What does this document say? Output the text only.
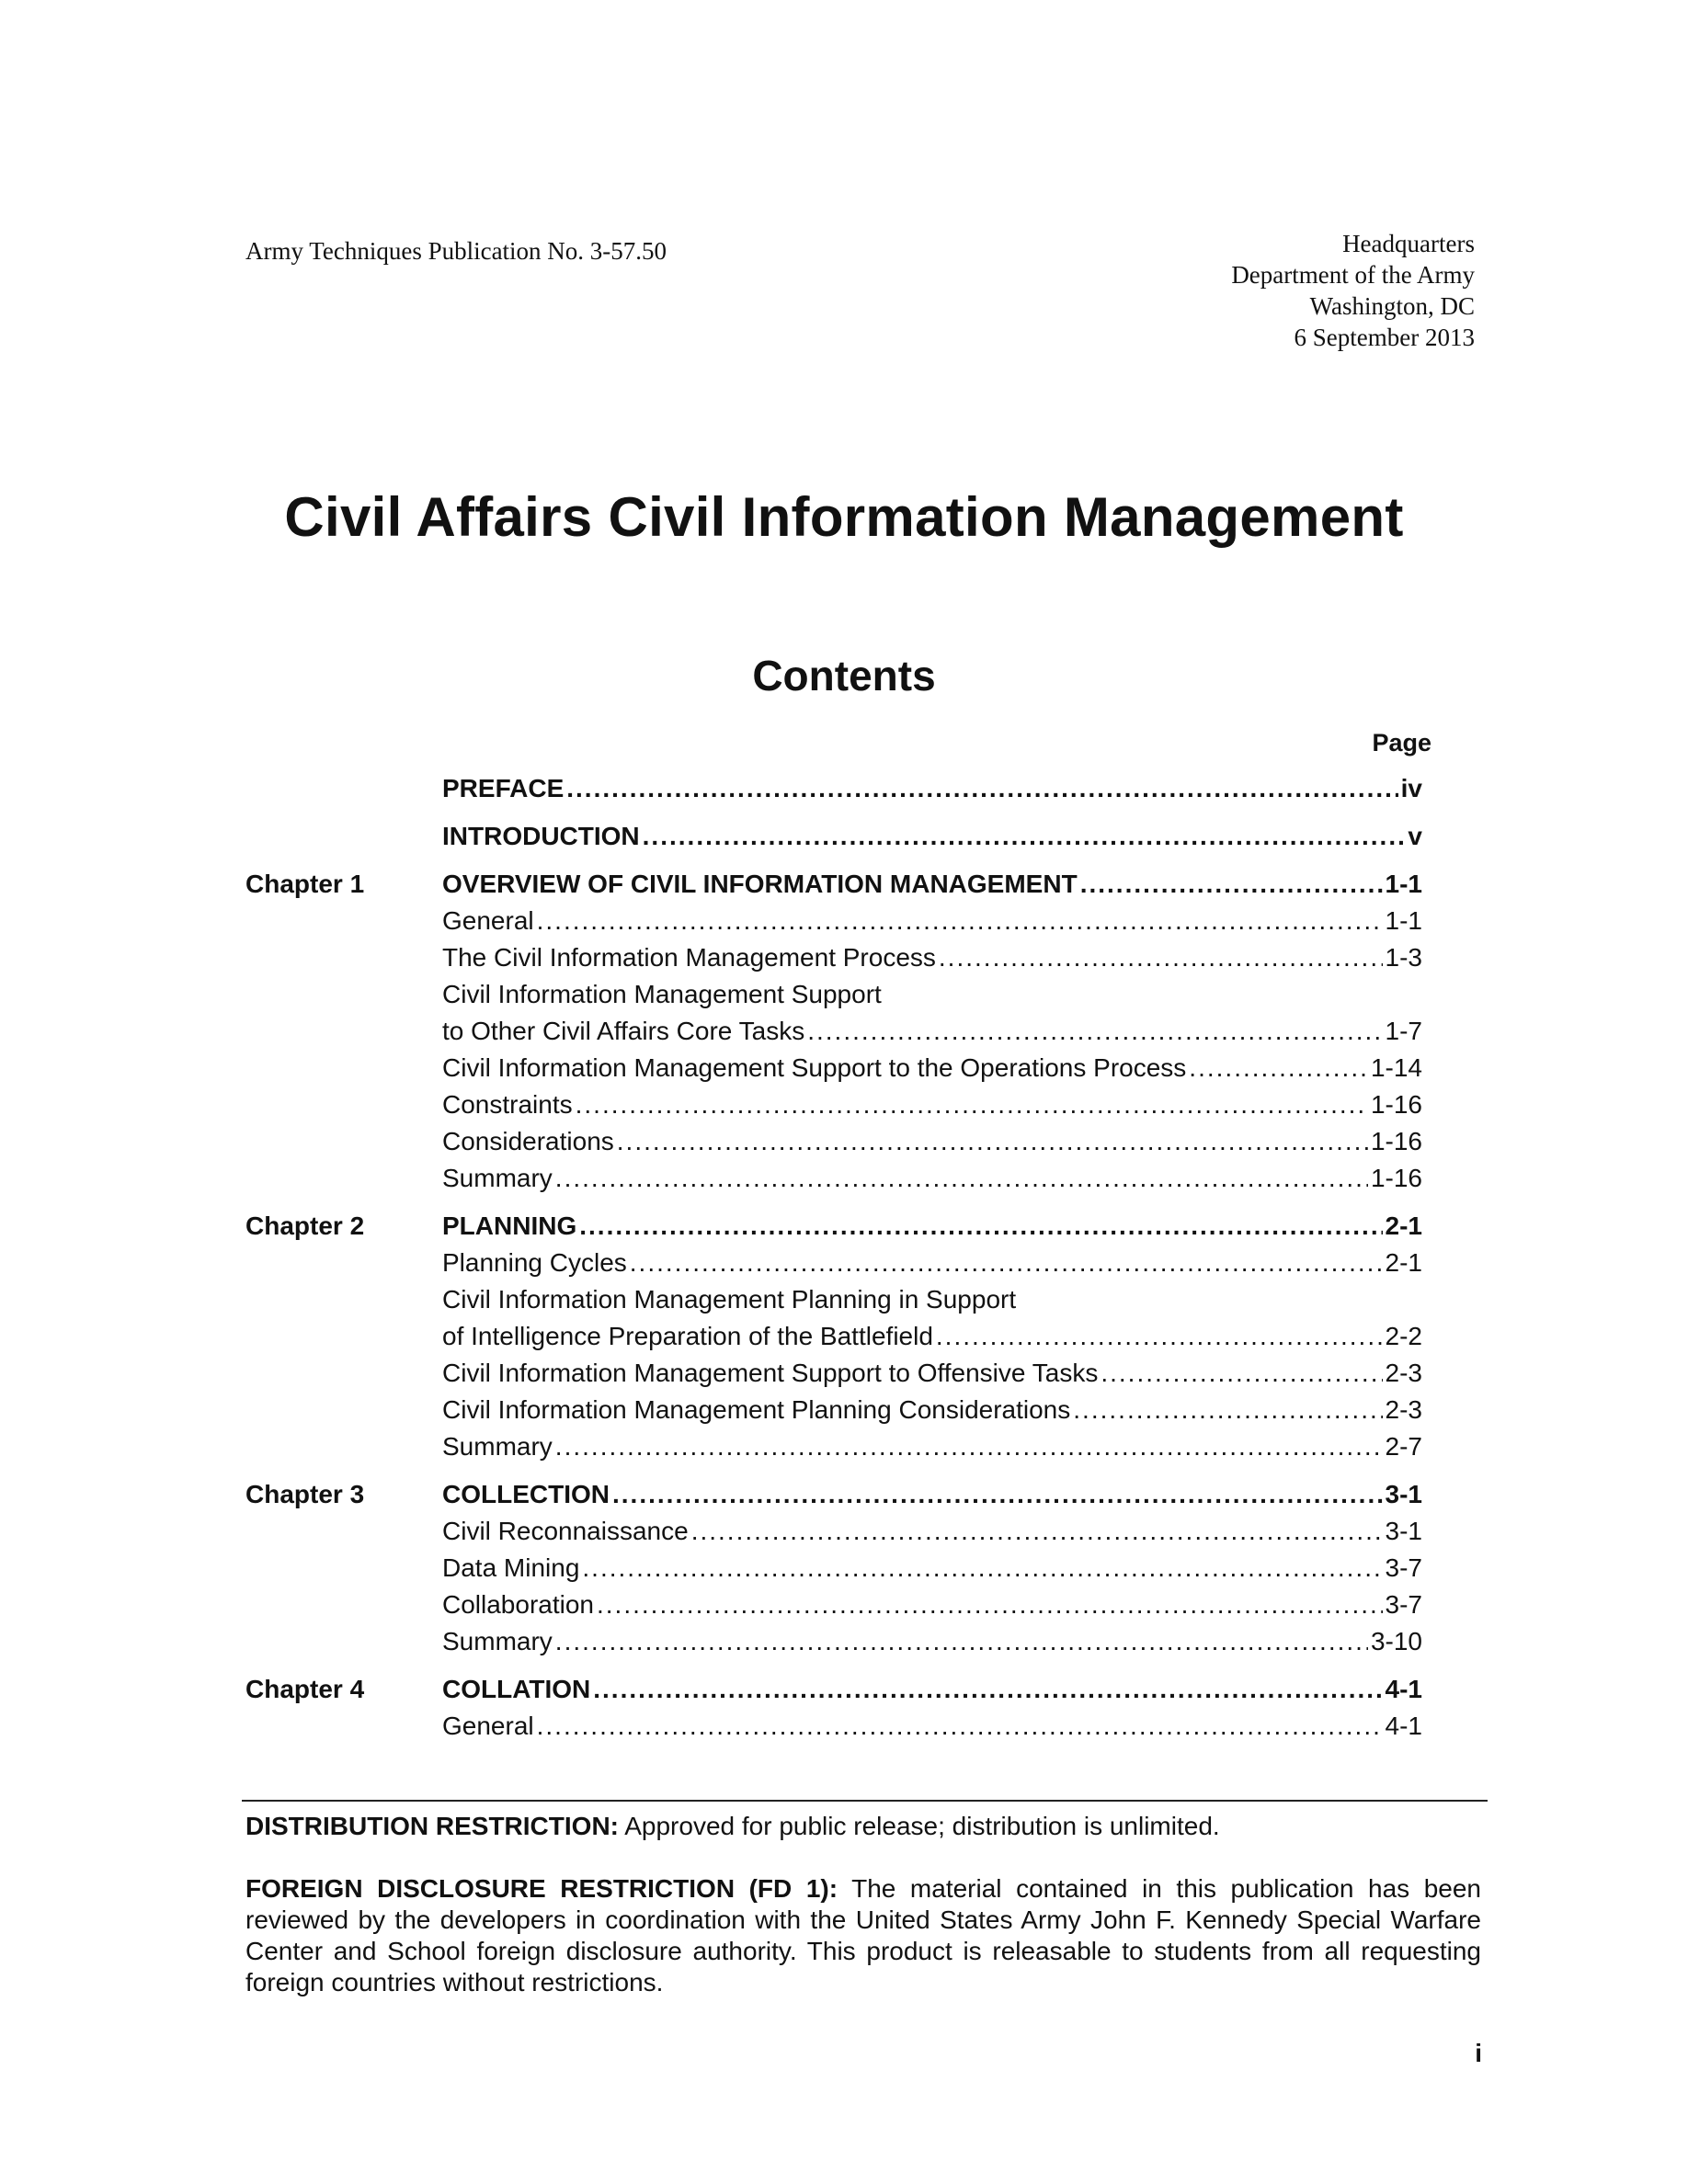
Army Techniques Publication No. 3-57.50	Headquarters
Department of the Army
Washington, DC
6 September 2013
Civil Affairs Civil Information Management
Contents
Page
PREFACE .....	iv
INTRODUCTION .....	v
Chapter 1	OVERVIEW OF CIVIL INFORMATION MANAGEMENT .....	1-1
General .....	1-1
The Civil Information Management Process .....	1-3
Civil Information Management Support
to Other Civil Affairs Core Tasks .....	1-7
Civil Information Management Support to the Operations Process .....	1-14
Constraints .....	1-16
Considerations .....	1-16
Summary .....	1-16
Chapter 2	PLANNING .....	2-1
Planning Cycles .....	2-1
Civil Information Management Planning in Support
of Intelligence Preparation of the Battlefield .....	2-2
Civil Information Management Support to Offensive Tasks .....	2-3
Civil Information Management Planning Considerations .....	2-3
Summary .....	2-7
Chapter 3	COLLECTION .....	3-1
Civil Reconnaissance .....	3-1
Data Mining .....	3-7
Collaboration .....	3-7
Summary .....	3-10
Chapter 4	COLLATION .....	4-1
General .....	4-1
DISTRIBUTION RESTRICTION: Approved for public release; distribution is unlimited.
FOREIGN DISCLOSURE RESTRICTION (FD 1): The material contained in this publication has been reviewed by the developers in coordination with the United States Army John F. Kennedy Special Warfare Center and School foreign disclosure authority. This product is releasable to students from all requesting foreign countries without restrictions.
i
